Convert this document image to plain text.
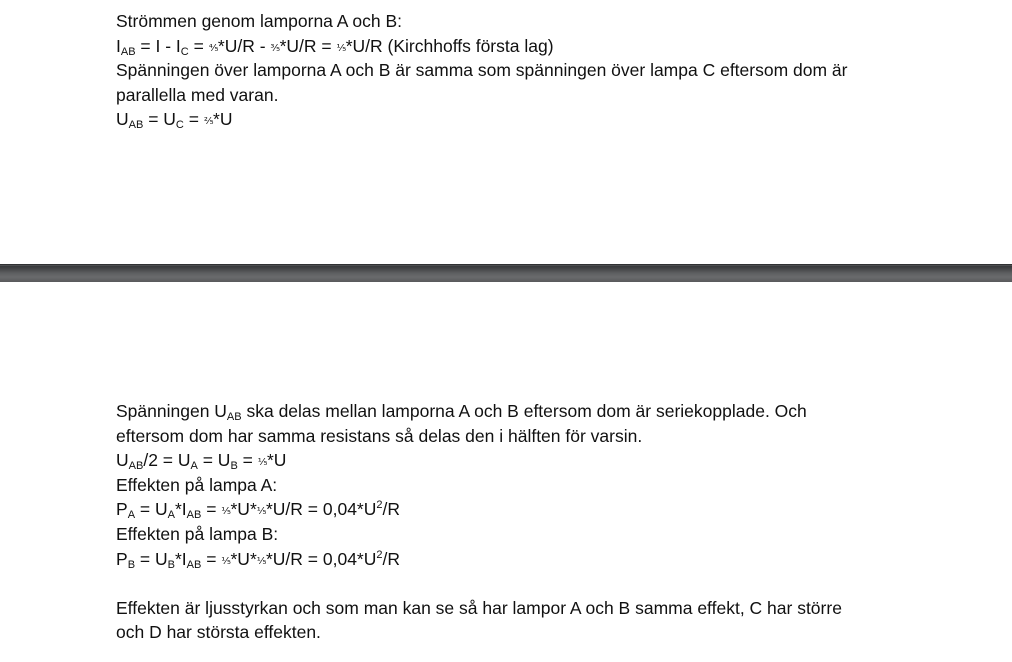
Strömmen genom lamporna A och B:
$I_{AB} = I - I_C$ = ⅘*U/R - ⅗*U/R = ⅕*U/R (Kirchhoffs första lag)
Spänningen över lamporna A och B är samma som spänningen över lampa C eftersom dom är
parallella med varan.
$U_{AB} = U_C$ = ⅖*U
Spänningen $U_{AB}$ ska delas mellan lamporna A och B eftersom dom är seriekopplade. Och
eftersom dom har samma resistans så delas den i hälften för varsin.
$U_{AB}/2 = U_A = U_B$ = ⅕*U
Effekten på lampa A:
$P_A = U_A*I_{AB}$ = ⅕*U*⅕*U/R = $0,04*U^2/R$
Effekten på lampa B:
$P_B = U_B*I_{AB}$ = ⅕*U*⅕*U/R = $0,04*U^2/R$
Effekten är ljusstyrkan och som man kan se så har lampor A och B samma effekt, C har större
och D har största effekten.
